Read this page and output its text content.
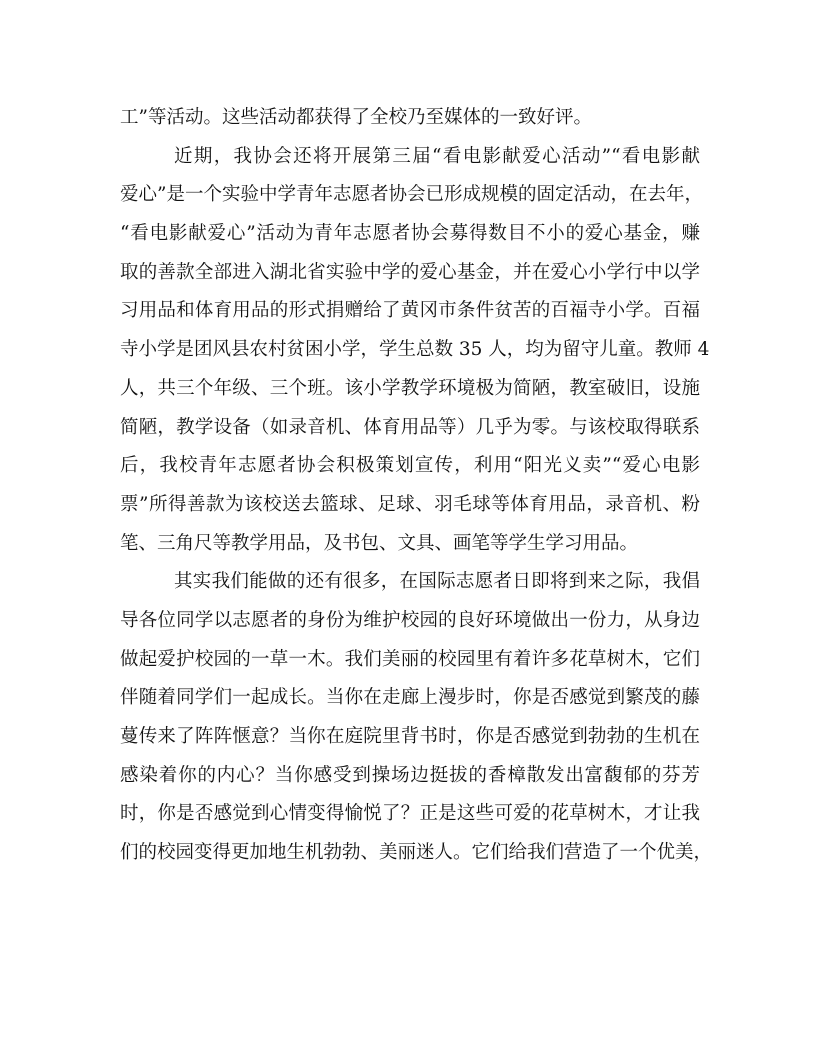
工”等活动。这些活动都获得了全校乃至媒体的一致好评。
近期，我协会还将开展第三届“看电影献爱心活动”“看电影献
爱心”是一个实验中学青年志愿者协会已形成规模的固定活动，在去年，
“看电影献爱心”活动为青年志愿者协会募得数目不小的爱心基金，赚
取的善款全部进入湖北省实验中学的爱心基金，并在爱心小学行中以学
习用品和体育用品的形式捐赠给了黄冈市条件贫苦的百福寺小学。百福
寺小学是团风县农村贫困小学，学生总数 35 人，均为留守儿童。教师 4
人，共三个年级、三个班。该小学教学环境极为简陋，教室破旧，设施
简陋，教学设备（如录音机、体育用品等）几乎为零。与该校取得联系
后，我校青年志愿者协会积极策划宣传，利用“阳光义卖”“爱心电影
票”所得善款为该校送去篮球、足球、羽毛球等体育用品，录音机、粉
笔、三角尺等教学用品，及书包、文具、画笔等学生学习用品。
其实我们能做的还有很多，在国际志愿者日即将到来之际，我倡
导各位同学以志愿者的身份为维护校园的良好环境做出一份力，从身边
做起爱护校园的一草一木。我们美丽的校园里有着许多花草树木，它们
伴随着同学们一起成长。当你在走廊上漫步时，你是否感觉到繁茂的藤
蔓传来了阵阵惬意？当你在庭院里背书时，你是否感觉到勃勃的生机在
感染着你的内心？当你感受到操场边挺拔的香樟散发出富馥郁的芬芳
时，你是否感觉到心情变得愉悦了？正是这些可爱的花草树木，才让我
们的校园变得更加地生机勃勃、美丽迷人。它们给我们营造了一个优美，
